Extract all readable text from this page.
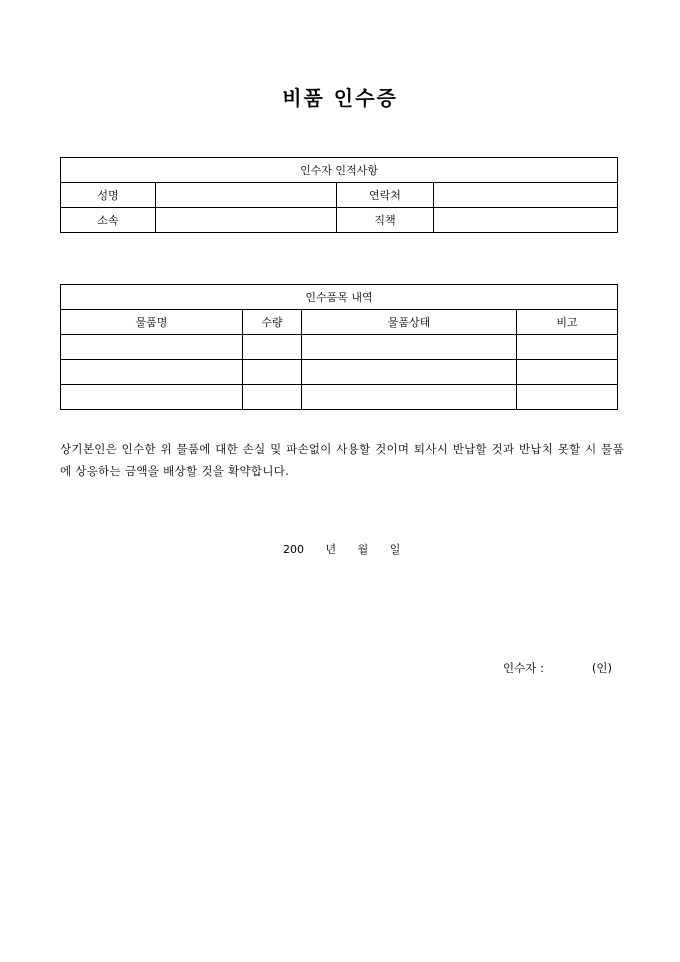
비품 인수증
인수자 인적사항			
성명		연락처	
소속		직책	
인수품목 내역			
물품명	수량	물품상태	비고

상기본인은 인수한 위 물품에 대한 손실 및 파손없이 사용할 것이며 퇴사시 반납할 것과 반납치 못할 시 물품에 상응하는 금액을 배상할 것을 확약합니다.
200 년 월 일
인수자 :	(인)
